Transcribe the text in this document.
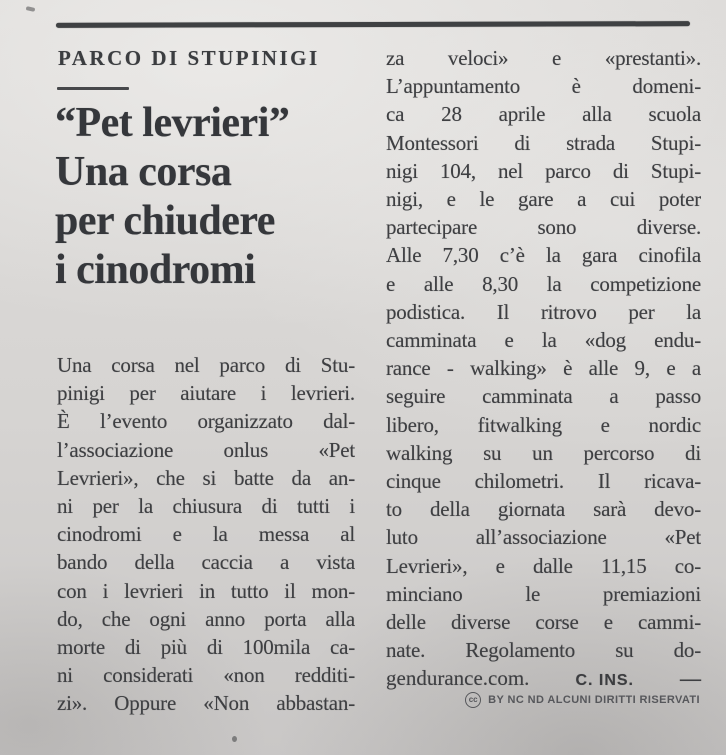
PARCO DI STUPINIGI
“Pet levrieri”
Una corsa
per chiudere
i cinodromi
Una corsa nel parco di Stu-
pinigi per aiutare i levrieri.
È l’evento organizzato dal-
l’associazione onlus «Pet
Levrieri», che si batte da an-
ni per la chiusura di tutti i
cinodromi e la messa al
bando della caccia a vista
con i levrieri in tutto il mon-
do, che ogni anno porta alla
morte di più di 100mila ca-
ni considerati «non redditi-
zi». Oppure «Non abbastan-
za veloci» e «prestanti».
L’appuntamento è domeni-
ca 28 aprile alla scuola
Montessori di strada Stupi-
nigi 104, nel parco di Stupi-
nigi, e le gare a cui poter
partecipare sono diverse.
Alle 7,30 c’è la gara cinofila
e alle 8,30 la competizione
podistica. Il ritrovo per la
camminata e la «dog endu-
rance - walking» è alle 9, e a
seguire camminata a passo
libero, fitwalking e nordic
walking su un percorso di
cinque chilometri. Il ricava-
to della giornata sarà devo-
luto all’associazione «Pet
Levrieri», e dalle 11,15 co-
minciano le premiazioni
delle diverse corse e cammi-
nate. Regolamento su do-
gendurance.com.	C. INS. —
cc BY NC ND ALCUNI DIRITTI RISERVATI
